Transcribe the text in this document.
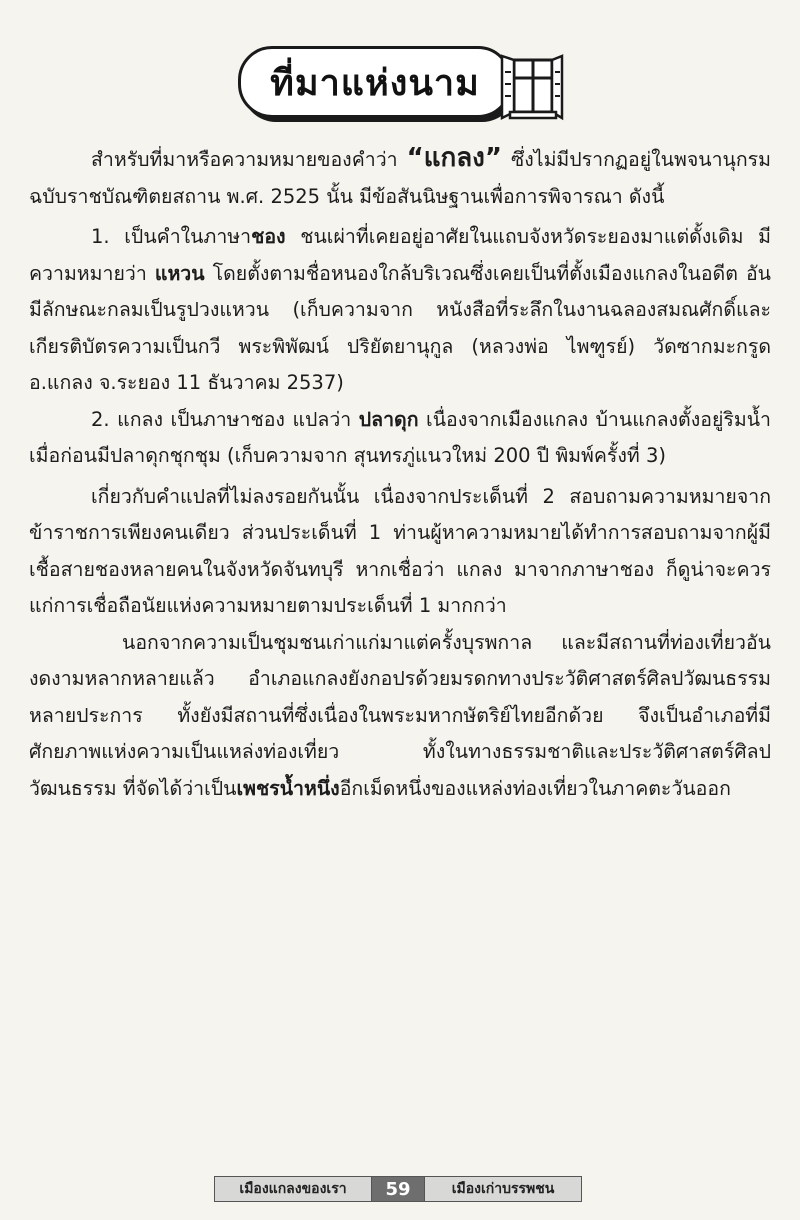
ที่มาแห่งนาม

สำหรับที่มาหรือความหมายของคำว่า “แกลง” ซึ่งไม่มีปรากฏอยู่ในพจนานุกรม ฉบับราชบัณฑิตยสถาน พ.ศ. 2525 นั้น มีข้อสันนิษฐานเพื่อการพิจารณา ดังนี้

1. เป็นคำในภาษาชอง ชนเผ่าที่เคยอยู่อาศัยในแถบจังหวัดระยองมาแต่ดั้งเดิม มีความหมายว่า แหวน โดยตั้งตามชื่อหนองใกล้บริเวณซึ่งเคยเป็นที่ตั้งเมืองแกลงในอดีต อันมีลักษณะกลมเป็นรูปวงแหวน (เก็บความจาก หนังสือที่ระลึกในงานฉลองสมณศักดิ์และเกียรติบัตรความเป็นกวี พระพิพัฒน์ ปริยัตยานุกูล (หลวงพ่อ ไพฑูรย์) วัดซากมะกรูด อ.แกลง จ.ระยอง 11 ธันวาคม 2537)

2. แกลง เป็นภาษาชอง แปลว่า ปลาดุก เนื่องจากเมืองแกลง บ้านแกลงตั้งอยู่ริมน้ำ เมื่อก่อนมีปลาดุกชุกชุม (เก็บความจาก สุนทรภู่แนวใหม่ 200 ปี พิมพ์ครั้งที่ 3)

เกี่ยวกับคำแปลที่ไม่ลงรอยกันนั้น เนื่องจากประเด็นที่ 2 สอบถามความหมายจากข้าราชการเพียงคนเดียว ส่วนประเด็นที่ 1 ท่านผู้หาความหมายได้ทำการสอบถามจากผู้มีเชื้อสายชองหลายคนในจังหวัดจันทบุรี หากเชื่อว่า แกลง มาจากภาษาชอง ก็ดูน่าจะควรแก่การเชื่อถือนัยแห่งความหมายตามประเด็นที่ 1 มากกว่า

นอกจากความเป็นชุมชนเก่าแก่มาแต่ครั้งบุรพกาล และมีสถานที่ท่องเที่ยวอันงดงามหลากหลายแล้ว อำเภอแกลงยังกอปรด้วยมรดกทางประวัติศาสตร์ศิลปวัฒนธรรมหลายประการ ทั้งยังมีสถานที่ซึ่งเนื่องในพระมหากษัตริย์ไทยอีกด้วย จึงเป็นอำเภอที่มีศักยภาพแห่งความเป็นแหล่งท่องเที่ยว ทั้งในทางธรรมชาติและประวัติศาสตร์ศิลปวัฒนธรรม ที่จัดได้ว่าเป็นเพชรน้ำหนึ่งอีกเม็ดหนึ่งของแหล่งท่องเที่ยวในภาคตะวันออก

เมืองแกลงของเรา	59	เมืองเก่าบรรพชน
